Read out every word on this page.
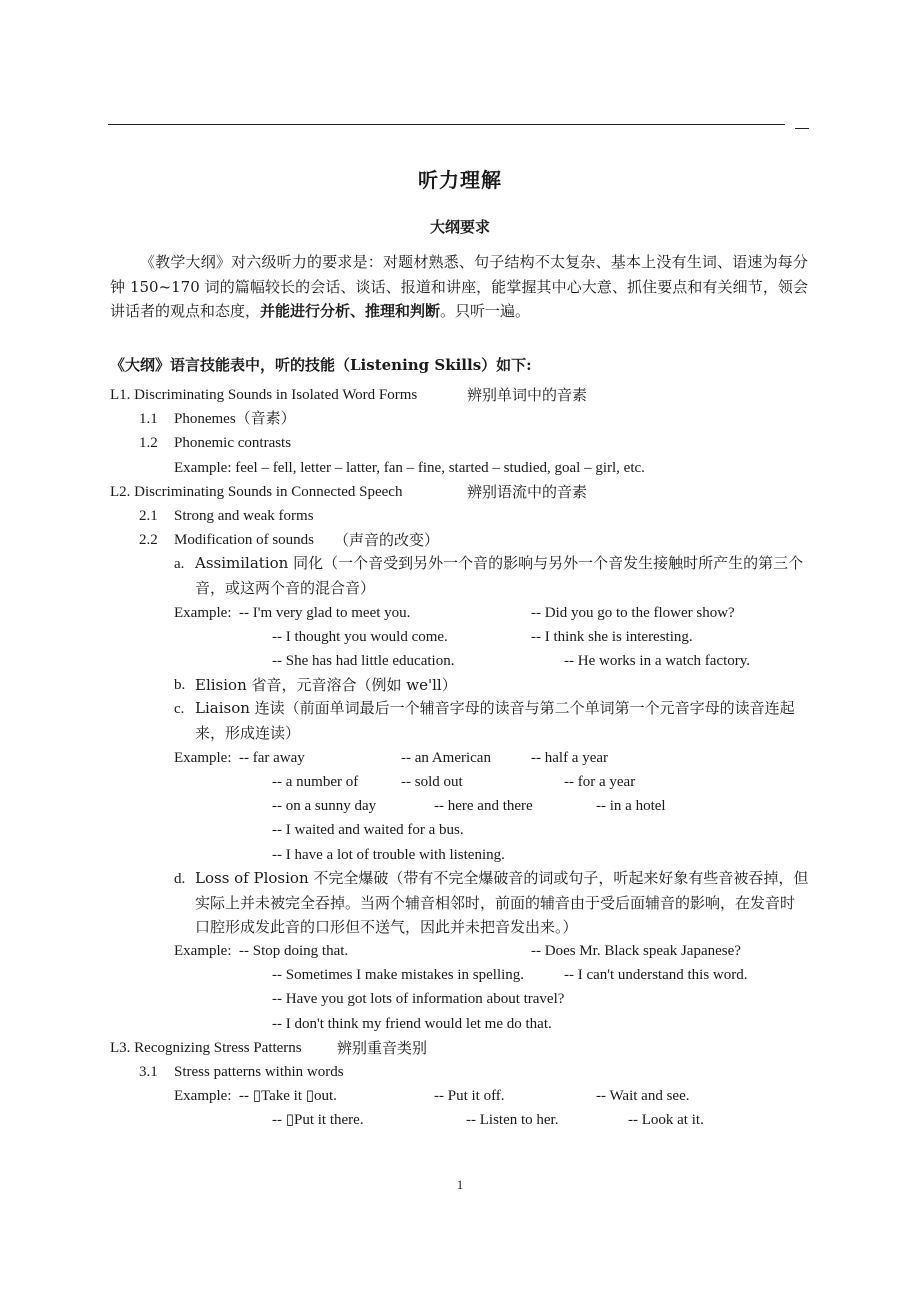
听力理解
大纲要求
《教学大纲》对六级听力的要求是：对题材熟悉、句子结构不太复杂、基本上没有生词、语速为每分钟 150~170 词的篇幅较长的会话、谈话、报道和讲座，能掌握其中心大意、抓住要点和有关细节，领会讲话者的观点和态度，并能进行分析、推理和判断。只听一遍。
《大纲》语言技能表中，听的技能（Listening Skills）如下:
L1. Discriminating Sounds in Isolated Word Forms	辨别单词中的音素
1.1 Phonemes（音素）
1.2 Phonemic contrasts
Example: feel – fell, letter – latter, fan – fine, started – studied, goal – girl, etc.
L2. Discriminating Sounds in Connected Speech	辨别语流中的音素
2.1 Strong and weak forms
2.2 Modification of sounds （声音的改变）
a. Assimilation 同化（一个音受到另外一个音的影响与另外一个音发生接触时所产生的第三个音，或这两个音的混合音）
Example: -- I'm very glad to meet you.	-- Did you go to the flower show?
-- I thought you would come.	-- I think she is interesting.
-- She has had little education.	-- He works in a watch factory.
b. Elision 省音，元音溶合（例如 we'll）
c. Liaison 连读（前面单词最后一个辅音字母的读音与第二个单词第一个元音字母的读音连起来，形成连读）
Example: -- far away	-- an American	-- half a year
-- a number of	-- sold out	-- for a year
-- on a sunny day	-- here and there	-- in a hotel
-- I waited and waited for a bus.
-- I have a lot of trouble with listening.
d. Loss of Plosion 不完全爆破（带有不完全爆破音的词或句子，听起来好象有些音被吞掉，但实际上并未被完全吞掉。当两个辅音相邻时，前面的辅音由于受后面辅音的影响，在发音时口腔形成发此音的口形但不送气，因此并未把音发出来。）
Example: -- Stop doing that.	-- Does Mr. Black speak Japanese?
-- Sometimes I make mistakes in spelling.	-- I can't understand this word.
-- Have you got lots of information about travel?
-- I don't think my friend would let me do that.
L3. Recognizing Stress Patterns 辨别重音类别
3.1 Stress patterns within words
Example: -- ▯Take it ▯out.	-- Put it off.	-- Wait and see.
-- ▯Put it there.	-- Listen to her.	-- Look at it.
1
